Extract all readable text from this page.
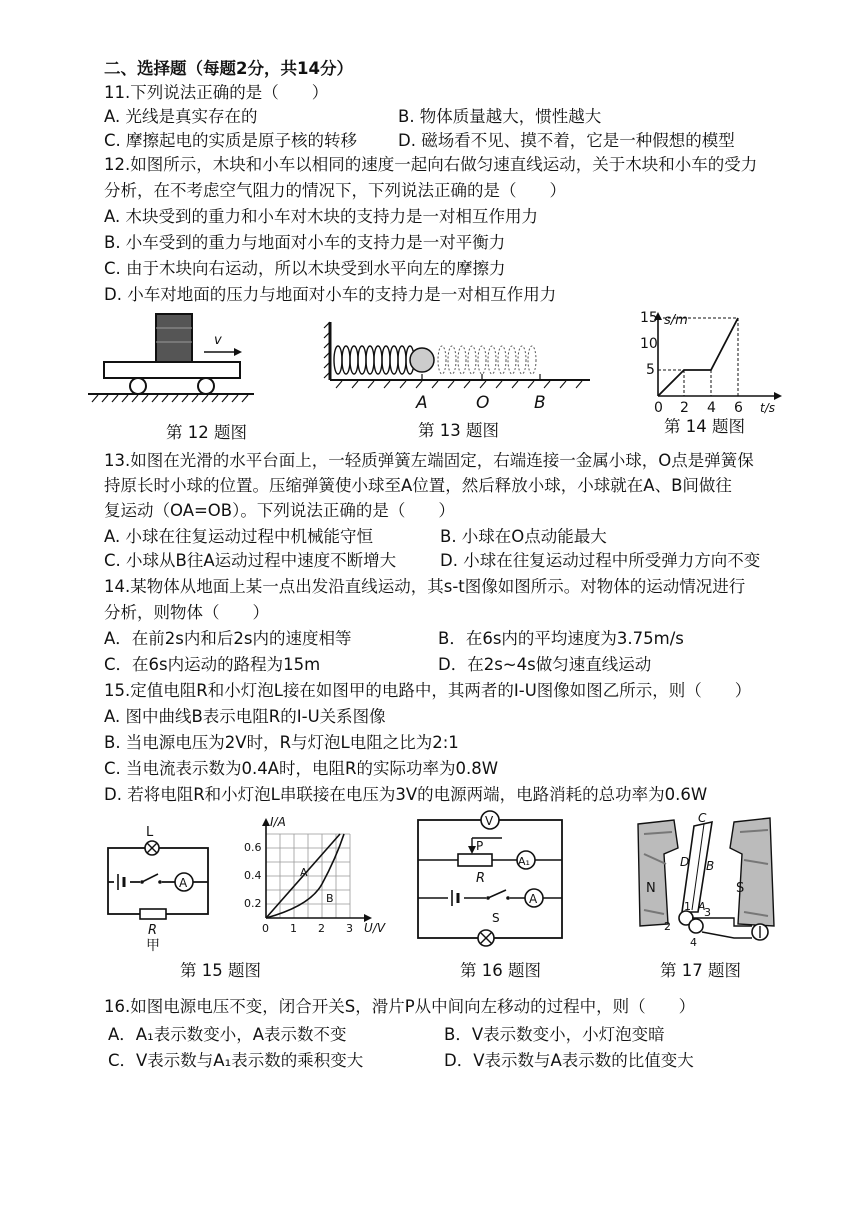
二、选择题（每题2分，共14分）
11.下列说法正确的是（　　）
A. 光线是真实存在的	B. 物体质量越大，惯性越大
C. 摩擦起电的实质是原子核的转移 D. 磁场看不见、摸不着，它是一种假想的模型
12.如图所示，木块和小车以相同的速度一起向右做匀速直线运动，关于木块和小车的受力
分析，在不考虑空气阻力的情况下，下列说法正确的是（　　）
A. 木块受到的重力和小车对木块的支持力是一对相互作用力
B. 小车受到的重力与地面对小车的支持力是一对平衡力
C. 由于木块向右运动，所以木块受到水平向左的摩擦力
D. 小车对地面的压力与地面对小车的支持力是一对相互作用力
v
第 12 题图
A	O	B
第 13 题图
s/m
t/s
15
10
5
0 2 4 6
第 14 题图
13.如图在光滑的水平台面上，一轻质弹簧左端固定，右端连接一金属小球，O点是弹簧保
持原长时小球的位置。压缩弹簧使小球至A位置，然后释放小球，小球就在A、B间做往
复运动（OA=OB）。下列说法正确的是（　　）
A. 小球在往复运动过程中机械能守恒	B. 小球在O点动能最大
C. 小球从B往A运动过程中速度不断增大	D. 小球在往复运动过程中所受弹力方向不变
14.某物体从地面上某一点出发沿直线运动，其s-t图像如图所示。对物体的运动情况进行
分析，则物体（　　）
A．在前2s内和后2s内的速度相等	B．在6s内的平均速度为3.75m/s
C．在6s内运动的路程为15m	D．在2s~4s做匀速直线运动
15.定值电阻R和小灯泡L接在如图甲的电路中，其两者的I-U图像如图乙所示，则（　　）
A. 图中曲线B表示电阻R的I-U关系图像
B. 当电源电压为2V时，R与灯泡L电阻之比为2:1
C. 当电流表示数为0.4A时，电阻R的实际功率为0.8W
D. 若将电阻R和小灯泡L串联接在电压为3V的电源两端，电路消耗的总功率为0.6W
L
A
R
甲
I/A
U/V
A
B
0.6
0.4
0.2
0 1 2 3
第 15 题图
V
P
R
A₁
S
A
第 16 题图
N	S
C
D B
A
1
2
3
4
第 17 题图
16.如图电源电压不变，闭合开关S，滑片P从中间向左移动的过程中，则（　　）
A．A₁表示数变小，A表示数不变	B．V表示数变小，小灯泡变暗
C．V表示数与A₁表示数的乘积变大	D．V表示数与A表示数的比值变大
